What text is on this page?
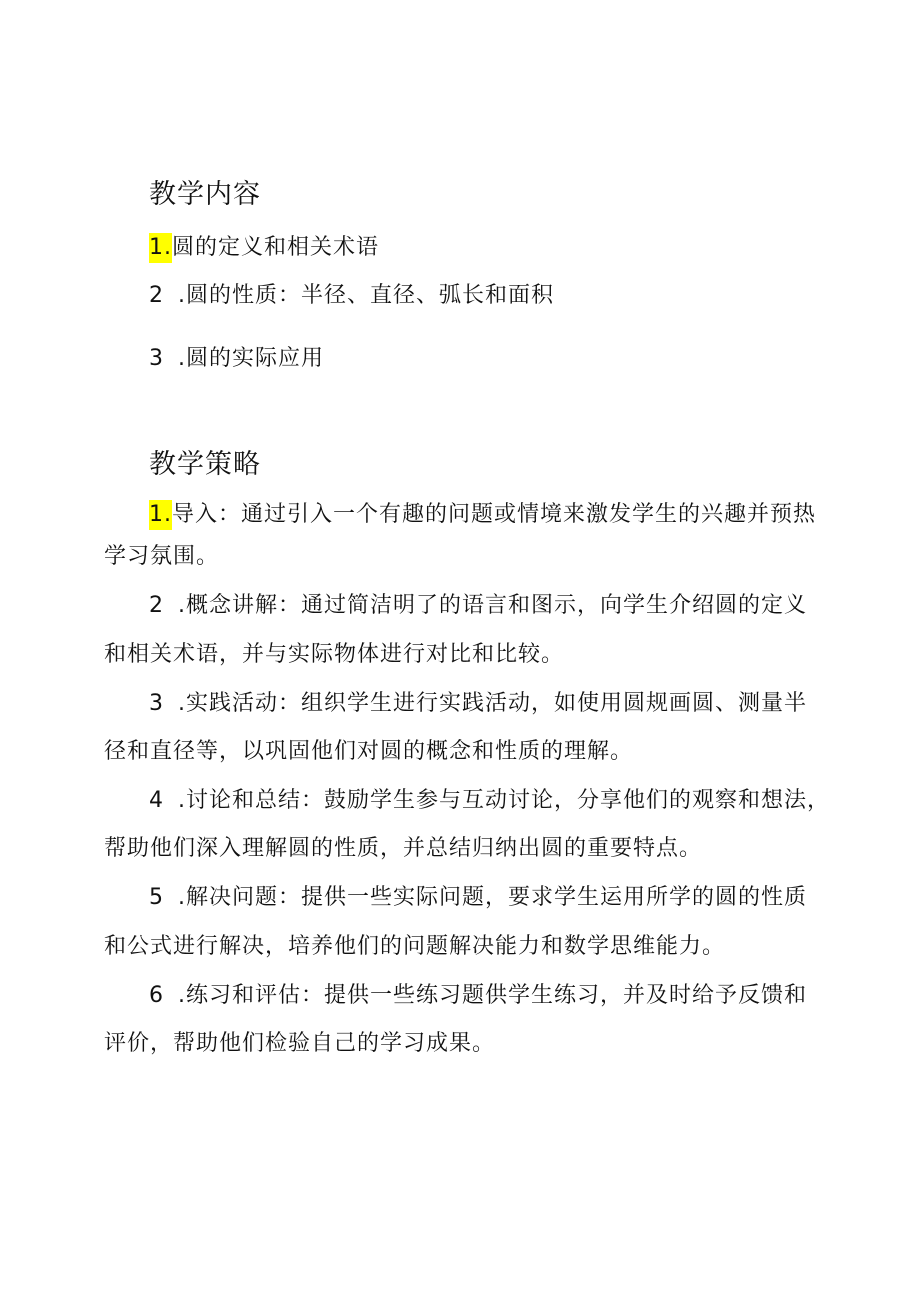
教学内容
1.圆的定义和相关术语
2 .圆的性质：半径、直径、弧长和面积
3 .圆的实际应用
教学策略
1.导入：通过引入一个有趣的问题或情境来激发学生的兴趣并预热
学习氛围。
2 .概念讲解：通过简洁明了的语言和图示，向学生介绍圆的定义
和相关术语，并与实际物体进行对比和比较。
3 .实践活动：组织学生进行实践活动，如使用圆规画圆、测量半
径和直径等，以巩固他们对圆的概念和性质的理解。
4 .讨论和总结：鼓励学生参与互动讨论，分享他们的观察和想法，
帮助他们深入理解圆的性质，并总结归纳出圆的重要特点。
5 .解决问题：提供一些实际问题，要求学生运用所学的圆的性质
和公式进行解决，培养他们的问题解决能力和数学思维能力。
6 .练习和评估：提供一些练习题供学生练习，并及时给予反馈和
评价，帮助他们检验自己的学习成果。
